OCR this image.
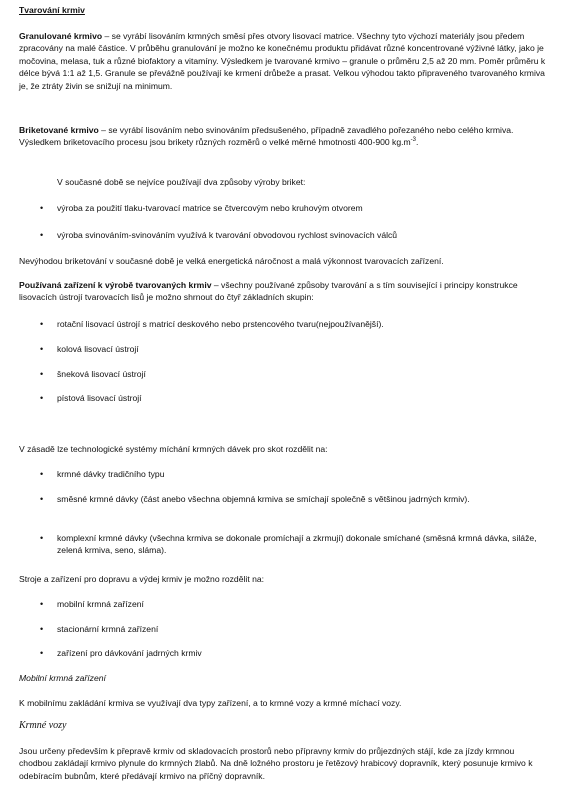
Tvarování krmiv
Granulované krmivo – se vyrábí lisováním krmných směsí přes otvory lisovací matrice. Všechny tyto výchozí materiály jsou předem zpracovány na malé částice. V průběhu granulování je možno ke konečnému produktu přidávat různé koncentrované výživné látky, jako je močovina, melasa, tuk a různé biofaktory a vitamíny. Výsledkem je tvarované krmivo – granule o průměru 2,5 až 20 mm. Poměr průměru k délce bývá 1:1 až 1,5. Granule se převážně používají ke krmení drůbeže a prasat. Velkou výhodou takto připraveného tvarovaného krmiva je, že ztráty živin se snižují na minimum.
Briketované krmivo – se vyrábí lisováním nebo svinováním předsušeného, případně zavadlého pořezaného nebo celého krmiva. Výsledkem briketovacího procesu jsou brikety různých rozměrů o velké měrné hmotnosti 400-900 $kg.m^{-3}$.
V současné době se nejvíce používají dva způsoby výroby briket:
•	výroba za použití tlaku-tvarovací matrice se čtvercovým nebo kruhovým otvorem
•	výroba svinováním-svinováním využívá k tvarování obvodovou rychlost svinovacích válců
Nevýhodou briketování v současné době je velká energetická náročnost a malá výkonnost tvarovacích zařízení.
Používaná zařízení k výrobě tvarovaných krmiv – všechny používané způsoby tvarování a s tím související i principy konstrukce lisovacích ústrojí tvarovacích lisů je možno shrnout do čtyř základních skupin:
•	rotační lisovací ústrojí s matricí deskového nebo prstencového tvaru(nejpoužívanější).
•	kolová lisovací ústrojí
•	šneková lisovací ústrojí
•	pístová lisovací ústrojí
V zásadě lze technologické systémy míchání krmných dávek pro skot rozdělit na:
•	krmné dávky tradičního typu
•	směsné krmné dávky (část anebo všechna objemná krmiva se smíchají společně s většinou jadrných krmiv).
•	komplexní krmné dávky (všechna krmiva se dokonale promíchají a zkrmují) dokonale smíchané (směsná krmná dávka, siláže, zelená krmiva, seno, sláma).
Stroje a zařízení pro dopravu a výdej krmiv je možno rozdělit na:
•	mobilní krmná zařízení
•	stacionární krmná zařízení
•	zařízení pro dávkování jadrných krmiv
Mobilní krmná zařízení
K mobilnímu zakládání krmiva se využívají dva typy zařízení, a to krmné vozy a krmné míchací vozy.
Krmné vozy
Jsou určeny především k přepravě krmiv od skladovacích prostorů nebo přípravny krmiv do průjezdných stájí, kde za jízdy krmnou chodbou zakládají krmivo plynule do krmných žlabů. Na dně ložného prostoru je řetězový hrabicový dopravník, který posunuje krmivo k odebíracím bubnům, které předávají krmivo na příčný dopravník.
